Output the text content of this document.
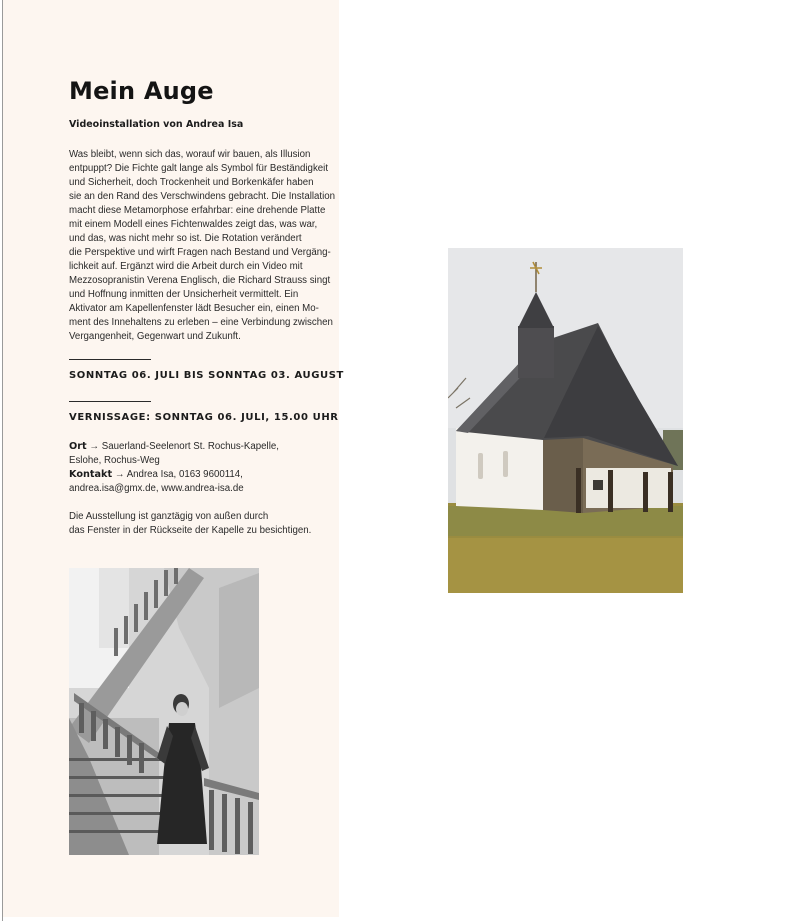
Mein Auge

Videoinstallation von Andrea Isa

Was bleibt, wenn sich das, worauf wir bauen, als Illusion
entpuppt? Die Fichte galt lange als Symbol für Beständigkeit
und Sicherheit, doch Trockenheit und Borkenkäfer haben
sie an den Rand des Verschwindens gebracht. Die Installation
macht diese Metamorphose erfahrbar: eine drehende Platte
mit einem Modell eines Fichtenwaldes zeigt das, was war,
und das, was nicht mehr so ist. Die Rotation verändert
die Perspektive und wirft Fragen nach Bestand und Vergäng-
lichkeit auf. Ergänzt wird die Arbeit durch ein Video mit
Mezzosopranistin Verena Englisch, die Richard Strauss singt
und Hoffnung inmitten der Unsicherheit vermittelt. Ein
Aktivator am Kapellenfenster lädt Besucher ein, einen Mo-
ment des Innehaltens zu erleben – eine Verbindung zwischen
Vergangenheit, Gegenwart und Zukunft.

SONNTAG 06. JULI BIS SONNTAG 03. AUGUST

VERNISSAGE: SONNTAG 06. JULI, 15.00 UHR

Ort → Sauerland-Seelenort St. Rochus-Kapelle,
Eslohe, Rochus-Weg
Kontakt → Andrea Isa, 0163 9600114,
andrea.isa@gmx.de, www.andrea-isa.de
Die Ausstellung ist ganztägig von außen durch
das Fenster in der Rückseite der Kapelle zu besichtigen.
